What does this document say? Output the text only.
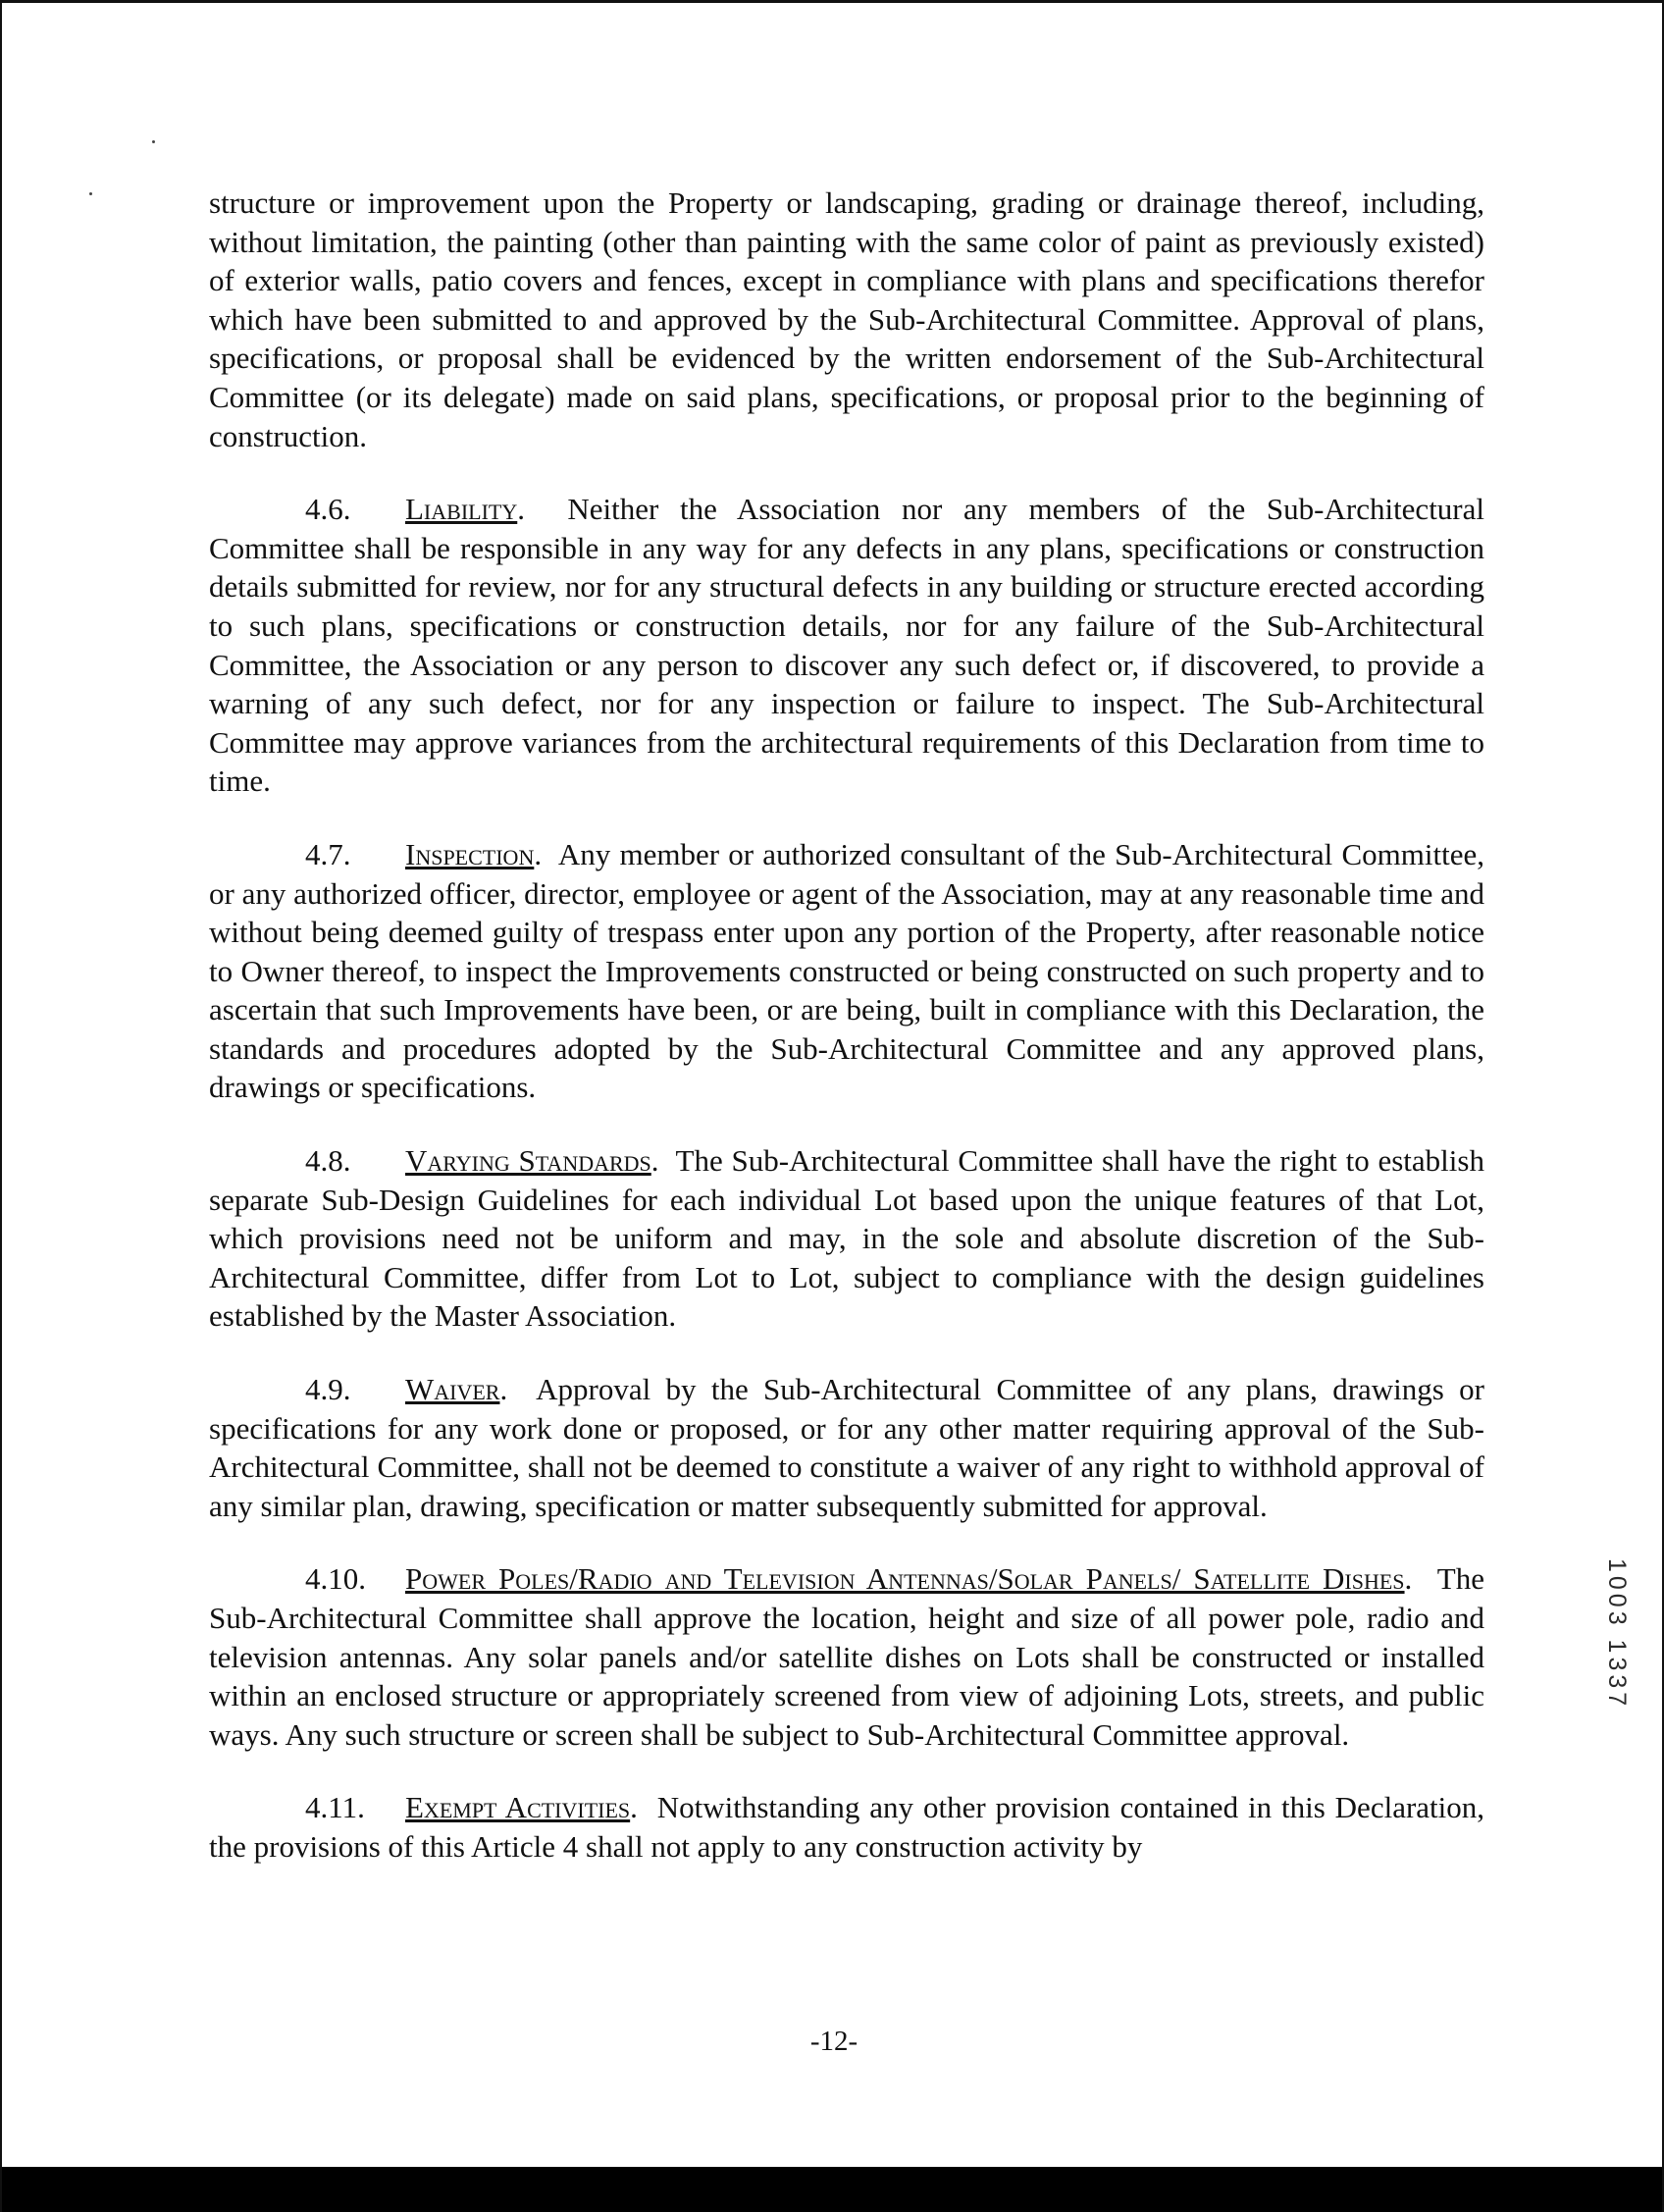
structure or improvement upon the Property or landscaping, grading or drainage thereof, including, without limitation, the painting (other than painting with the same color of paint as previously existed) of exterior walls, patio covers and fences, except in compliance with plans and specifications therefor which have been submitted to and approved by the Sub-Architectural Committee. Approval of plans, specifications, or proposal shall be evidenced by the written endorsement of the Sub-Architectural Committee (or its delegate) made on said plans, specifications, or proposal prior to the beginning of construction.

4.6. Liability.  Neither the Association nor any members of the Sub-Architectural Committee shall be responsible in any way for any defects in any plans, specifications or construction details submitted for review, nor for any structural defects in any building or structure erected according to such plans, specifications or construction details, nor for any failure of the Sub-Architectural Committee, the Association or any person to discover any such defect or, if discovered, to provide a warning of any such defect, nor for any inspection or failure to inspect. The Sub-Architectural Committee may approve variances from the architectural requirements of this Declaration from time to time.

4.7. Inspection.  Any member or authorized consultant of the Sub-Architectural Committee, or any authorized officer, director, employee or agent of the Association, may at any reasonable time and without being deemed guilty of trespass enter upon any portion of the Property, after reasonable notice to Owner thereof, to inspect the Improvements constructed or being constructed on such property and to ascertain that such Improvements have been, or are being, built in compliance with this Declaration, the standards and procedures adopted by the Sub-Architectural Committee and any approved plans, drawings or specifications.

4.8. Varying Standards.  The Sub-Architectural Committee shall have the right to establish separate Sub-Design Guidelines for each individual Lot based upon the unique features of that Lot, which provisions need not be uniform and may, in the sole and absolute discretion of the Sub-Architectural Committee, differ from Lot to Lot, subject to compliance with the design guidelines established by the Master Association.

4.9. Waiver.  Approval by the Sub-Architectural Committee of any plans, drawings or specifications for any work done or proposed, or for any other matter requiring approval of the Sub-Architectural Committee, shall not be deemed to constitute a waiver of any right to withhold approval of any similar plan, drawing, specification or matter subsequently submitted for approval.

4.10. Power Poles/Radio and Television Antennas/Solar Panels/ Satellite Dishes.  The Sub-Architectural Committee shall approve the location, height and size of all power pole, radio and television antennas. Any solar panels and/or satellite dishes on Lots shall be constructed or installed within an enclosed structure or appropriately screened from view of adjoining Lots, streets, and public ways. Any such structure or screen shall be subject to Sub-Architectural Committee approval.

4.11. Exempt Activities.  Notwithstanding any other provision contained in this Declaration, the provisions of this Article 4 shall not apply to any construction activity by

-12-
1003 1337
